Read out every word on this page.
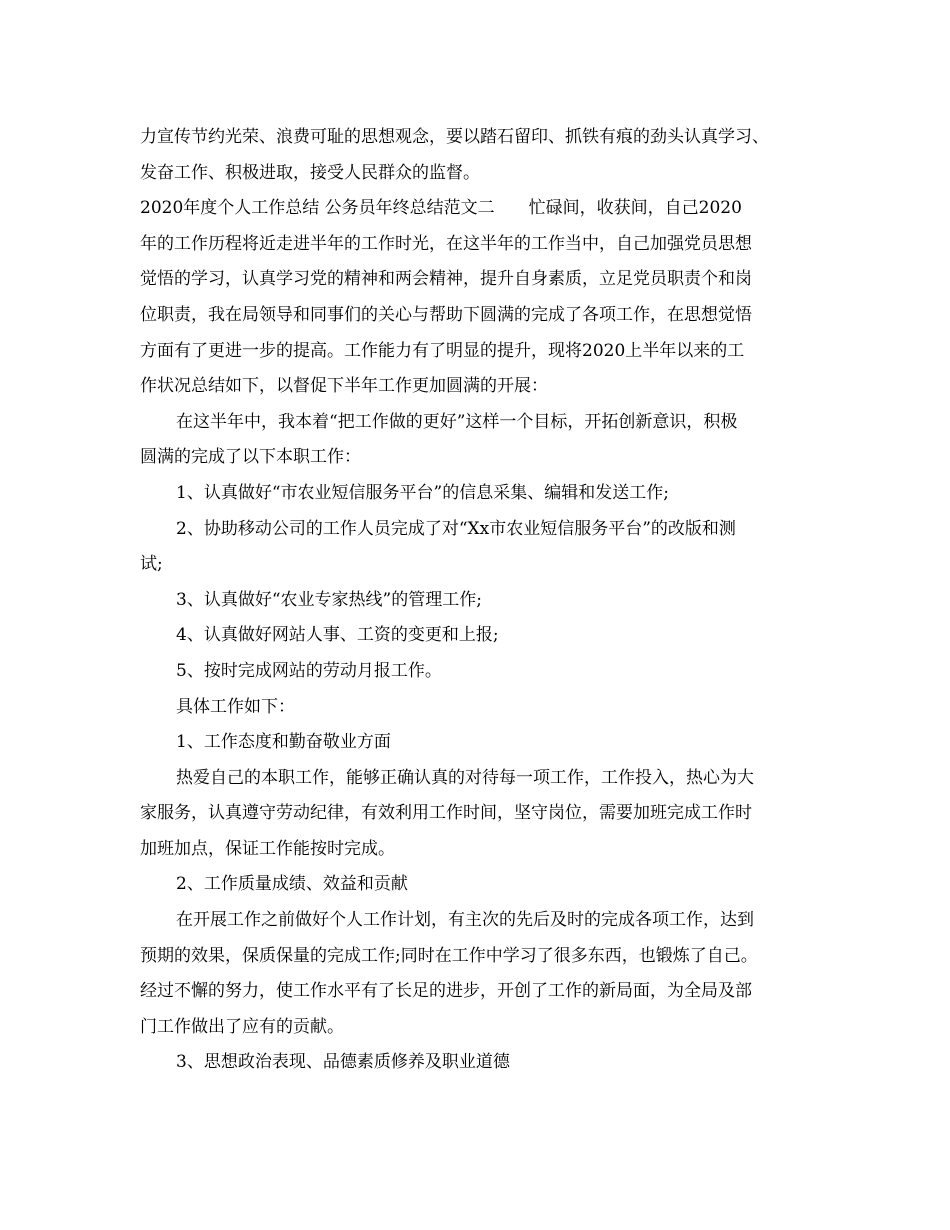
力宣传节约光荣、浪费可耻的思想观念，要以踏石留印、抓铁有痕的劲头认真学习、
发奋工作、积极进取，接受人民群众的监督。
2020年度个人工作总结 公务员年终总结范文二　　忙碌间，收获间，自己2020
年的工作历程将近走进半年的工作时光，在这半年的工作当中，自己加强党员思想
觉悟的学习，认真学习党的精神和两会精神，提升自身素质，立足党员职责个和岗
位职责，我在局领导和同事们的关心与帮助下圆满的完成了各项工作，在思想觉悟
方面有了更进一步的提高。工作能力有了明显的提升，现将2020上半年以来的工
作状况总结如下，以督促下半年工作更加圆满的开展：
在这半年中，我本着“把工作做的更好”这样一个目标，开拓创新意识，积极
圆满的完成了以下本职工作：
1、认真做好“市农业短信服务平台”的信息采集、编辑和发送工作;
2、协助移动公司的工作人员完成了对“Xx市农业短信服务平台”的改版和测
试;
3、认真做好“农业专家热线”的管理工作;
4、认真做好网站人事、工资的变更和上报;
5、按时完成网站的劳动月报工作。
具体工作如下：
1、工作态度和勤奋敬业方面
热爱自己的本职工作，能够正确认真的对待每一项工作，工作投入，热心为大
家服务，认真遵守劳动纪律，有效利用工作时间，坚守岗位，需要加班完成工作时
加班加点，保证工作能按时完成。
2、工作质量成绩、效益和贡献
在开展工作之前做好个人工作计划，有主次的先后及时的完成各项工作，达到
预期的效果，保质保量的完成工作;同时在工作中学习了很多东西，也锻炼了自己。
经过不懈的努力，使工作水平有了长足的进步，开创了工作的新局面，为全局及部
门工作做出了应有的贡献。
3、思想政治表现、品德素质修养及职业道德
